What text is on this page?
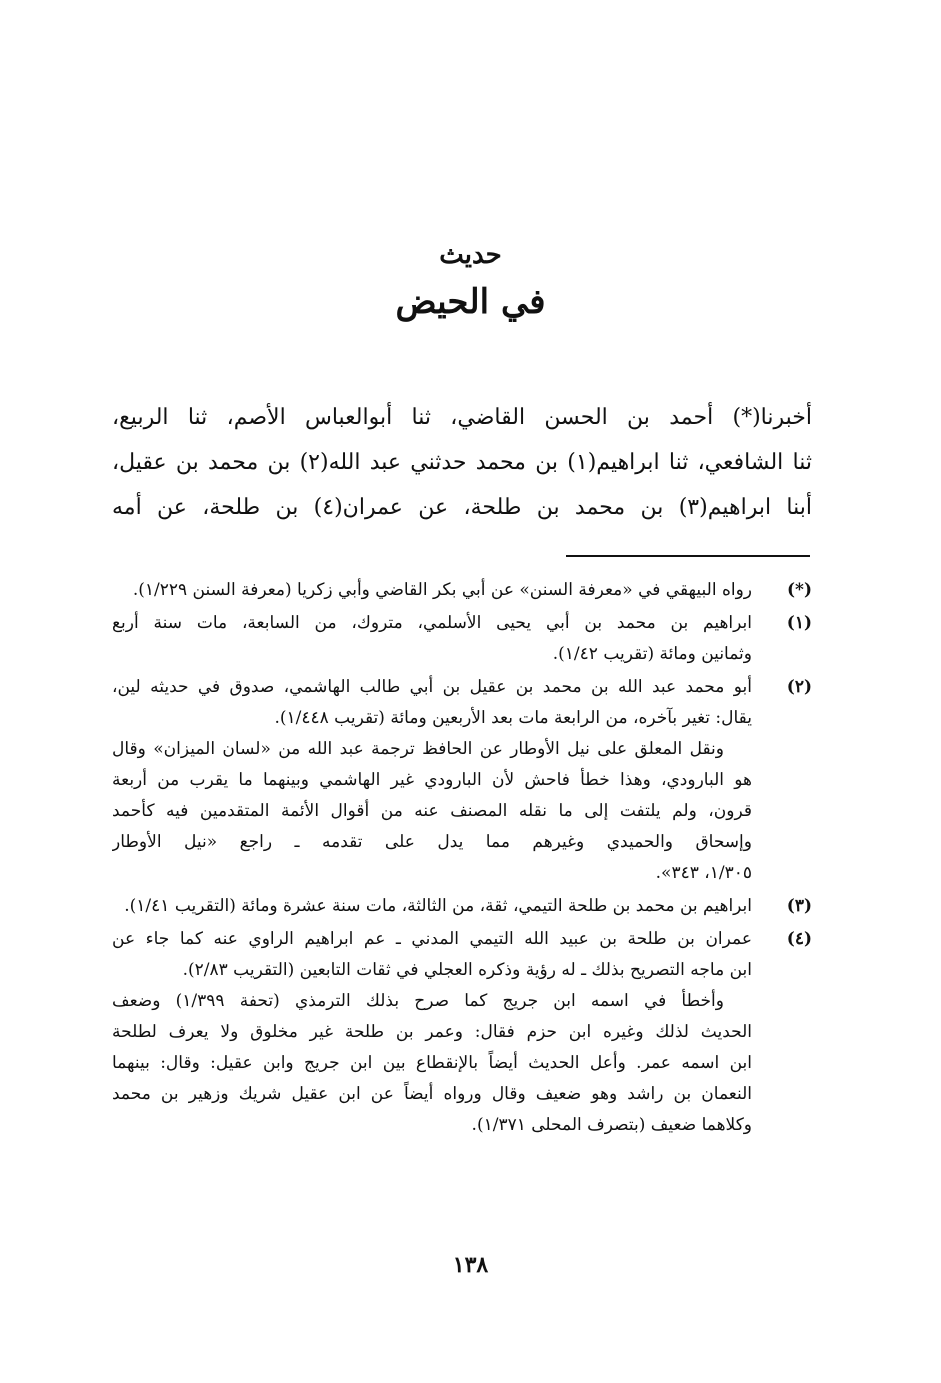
حديث
في الحيض
أخبرنا(*) أحمد بن الحسن القاضي، ثنا أبوالعباس الأصم، ثنا الربيع،
ثنا الشافعي، ثنا ابراهيم(١) بن محمد حدثني عبد الله(٢) بن محمد بن عقيل،
أبنا ابراهيم(٣) بن محمد بن طلحة، عن عمران(٤) بن طلحة، عن أمه
(*)
رواه البيهقي في «معرفة السنن» عن أبي بكر القاضي وأبي زكريا (معرفة السنن ١/٢٢٩).
(١)
ابراهيم بن محمد بن أبي يحيى الأسلمي، متروك، من السابعة، مات سنة أربع
وثمانين ومائة (تقريب ١/٤٢).
(٢)
أبو محمد عبد الله بن محمد بن عقيل بن أبي طالب الهاشمي، صدوق في حديثه لين،
يقال: تغير بآخره، من الرابعة مات بعد الأربعين ومائة (تقريب ١/٤٤٨).
ونقل المعلق على نيل الأوطار عن الحافظ ترجمة عبد الله من «لسان الميزان» وقال
هو البارودي، وهذا خطأ فاحش لأن البارودي غير الهاشمي وبينهما ما يقرب من أربعة
قرون، ولم يلتفت إلى ما نقله المصنف عنه من أقوال الأئمة المتقدمين فيه كأحمد
وإسحاق والحميدي وغيرهم مما يدل على تقدمه ـ راجع «نيل الأوطار
١/٣٠٥، ٣٤٣».
(٣)
ابراهيم بن محمد بن طلحة التيمي، ثقة، من الثالثة، مات سنة عشرة ومائة (التقريب ١/٤١).
(٤)
عمران بن طلحة بن عبيد الله التيمي المدني ـ عم ابراهيم الراوي عنه كما جاء عن
ابن ماجه التصريح بذلك ـ له رؤية وذكره العجلي في ثقات التابعين (التقريب ٢/٨٣).
وأخطأ في اسمه ابن جريج كما صرح بذلك الترمذي (تحفة ١/٣٩٩) وضعف
الحديث لذلك وغيره ابن حزم فقال: وعمر بن طلحة غير مخلوق ولا يعرف لطلحة
ابن اسمه عمر. وأعل الحديث أيضاً بالإنقطاع بين ابن جريج وابن عقيل: وقال: بينهما
النعمان بن راشد وهو ضعيف وقال ورواه أيضاً عن ابن عقيل شريك وزهير بن محمد
وكلاهما ضعيف (بتصرف المحلى ١/٣٧١).
١٣٨
